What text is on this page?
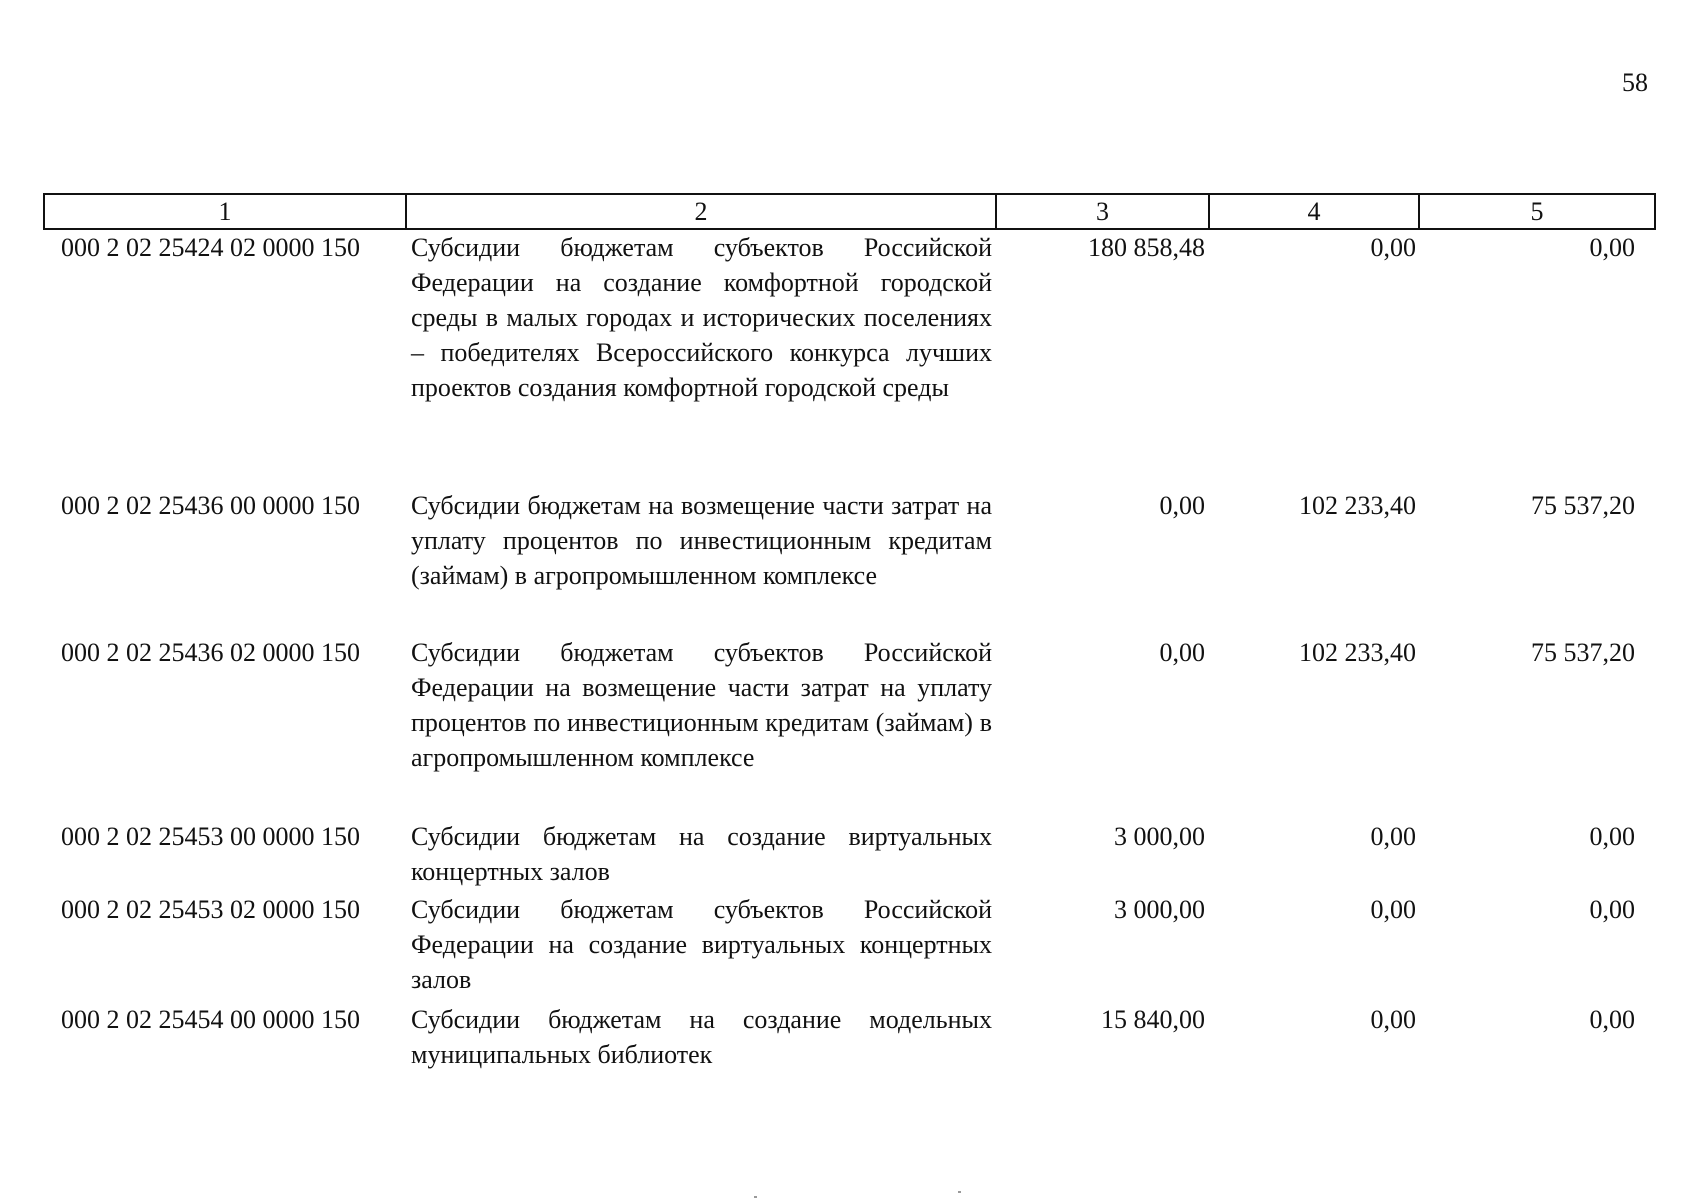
58
1	2	3	4	5
000 2 02 25424 02 0000 150	Субсидии бюджетам субъектов Российской Федерации на создание комфортной городской среды в малых городах и исторических поселениях – победителях Всероссийского конкурса лучших проектов создания комфортной городской среды	180 858,48	0,00	0,00
000 2 02 25436 00 0000 150	Субсидии бюджетам на возмещение части затрат на уплату процентов по инвестиционным кредитам (займам) в агропромышленном комплексе	0,00	102 233,40	75 537,20
000 2 02 25436 02 0000 150	Субсидии бюджетам субъектов Российской Федерации на возмещение части затрат на уплату процентов по инвестиционным кредитам (займам) в агропромышленном комплексе	0,00	102 233,40	75 537,20
000 2 02 25453 00 0000 150	Субсидии бюджетам на создание виртуальных концертных залов	3 000,00	0,00	0,00
000 2 02 25453 02 0000 150	Субсидии бюджетам субъектов Российской Федерации на создание виртуальных концертных залов	3 000,00	0,00	0,00
000 2 02 25454 00 0000 150	Субсидии бюджетам на создание модельных муниципальных библиотек	15 840,00	0,00	0,00
